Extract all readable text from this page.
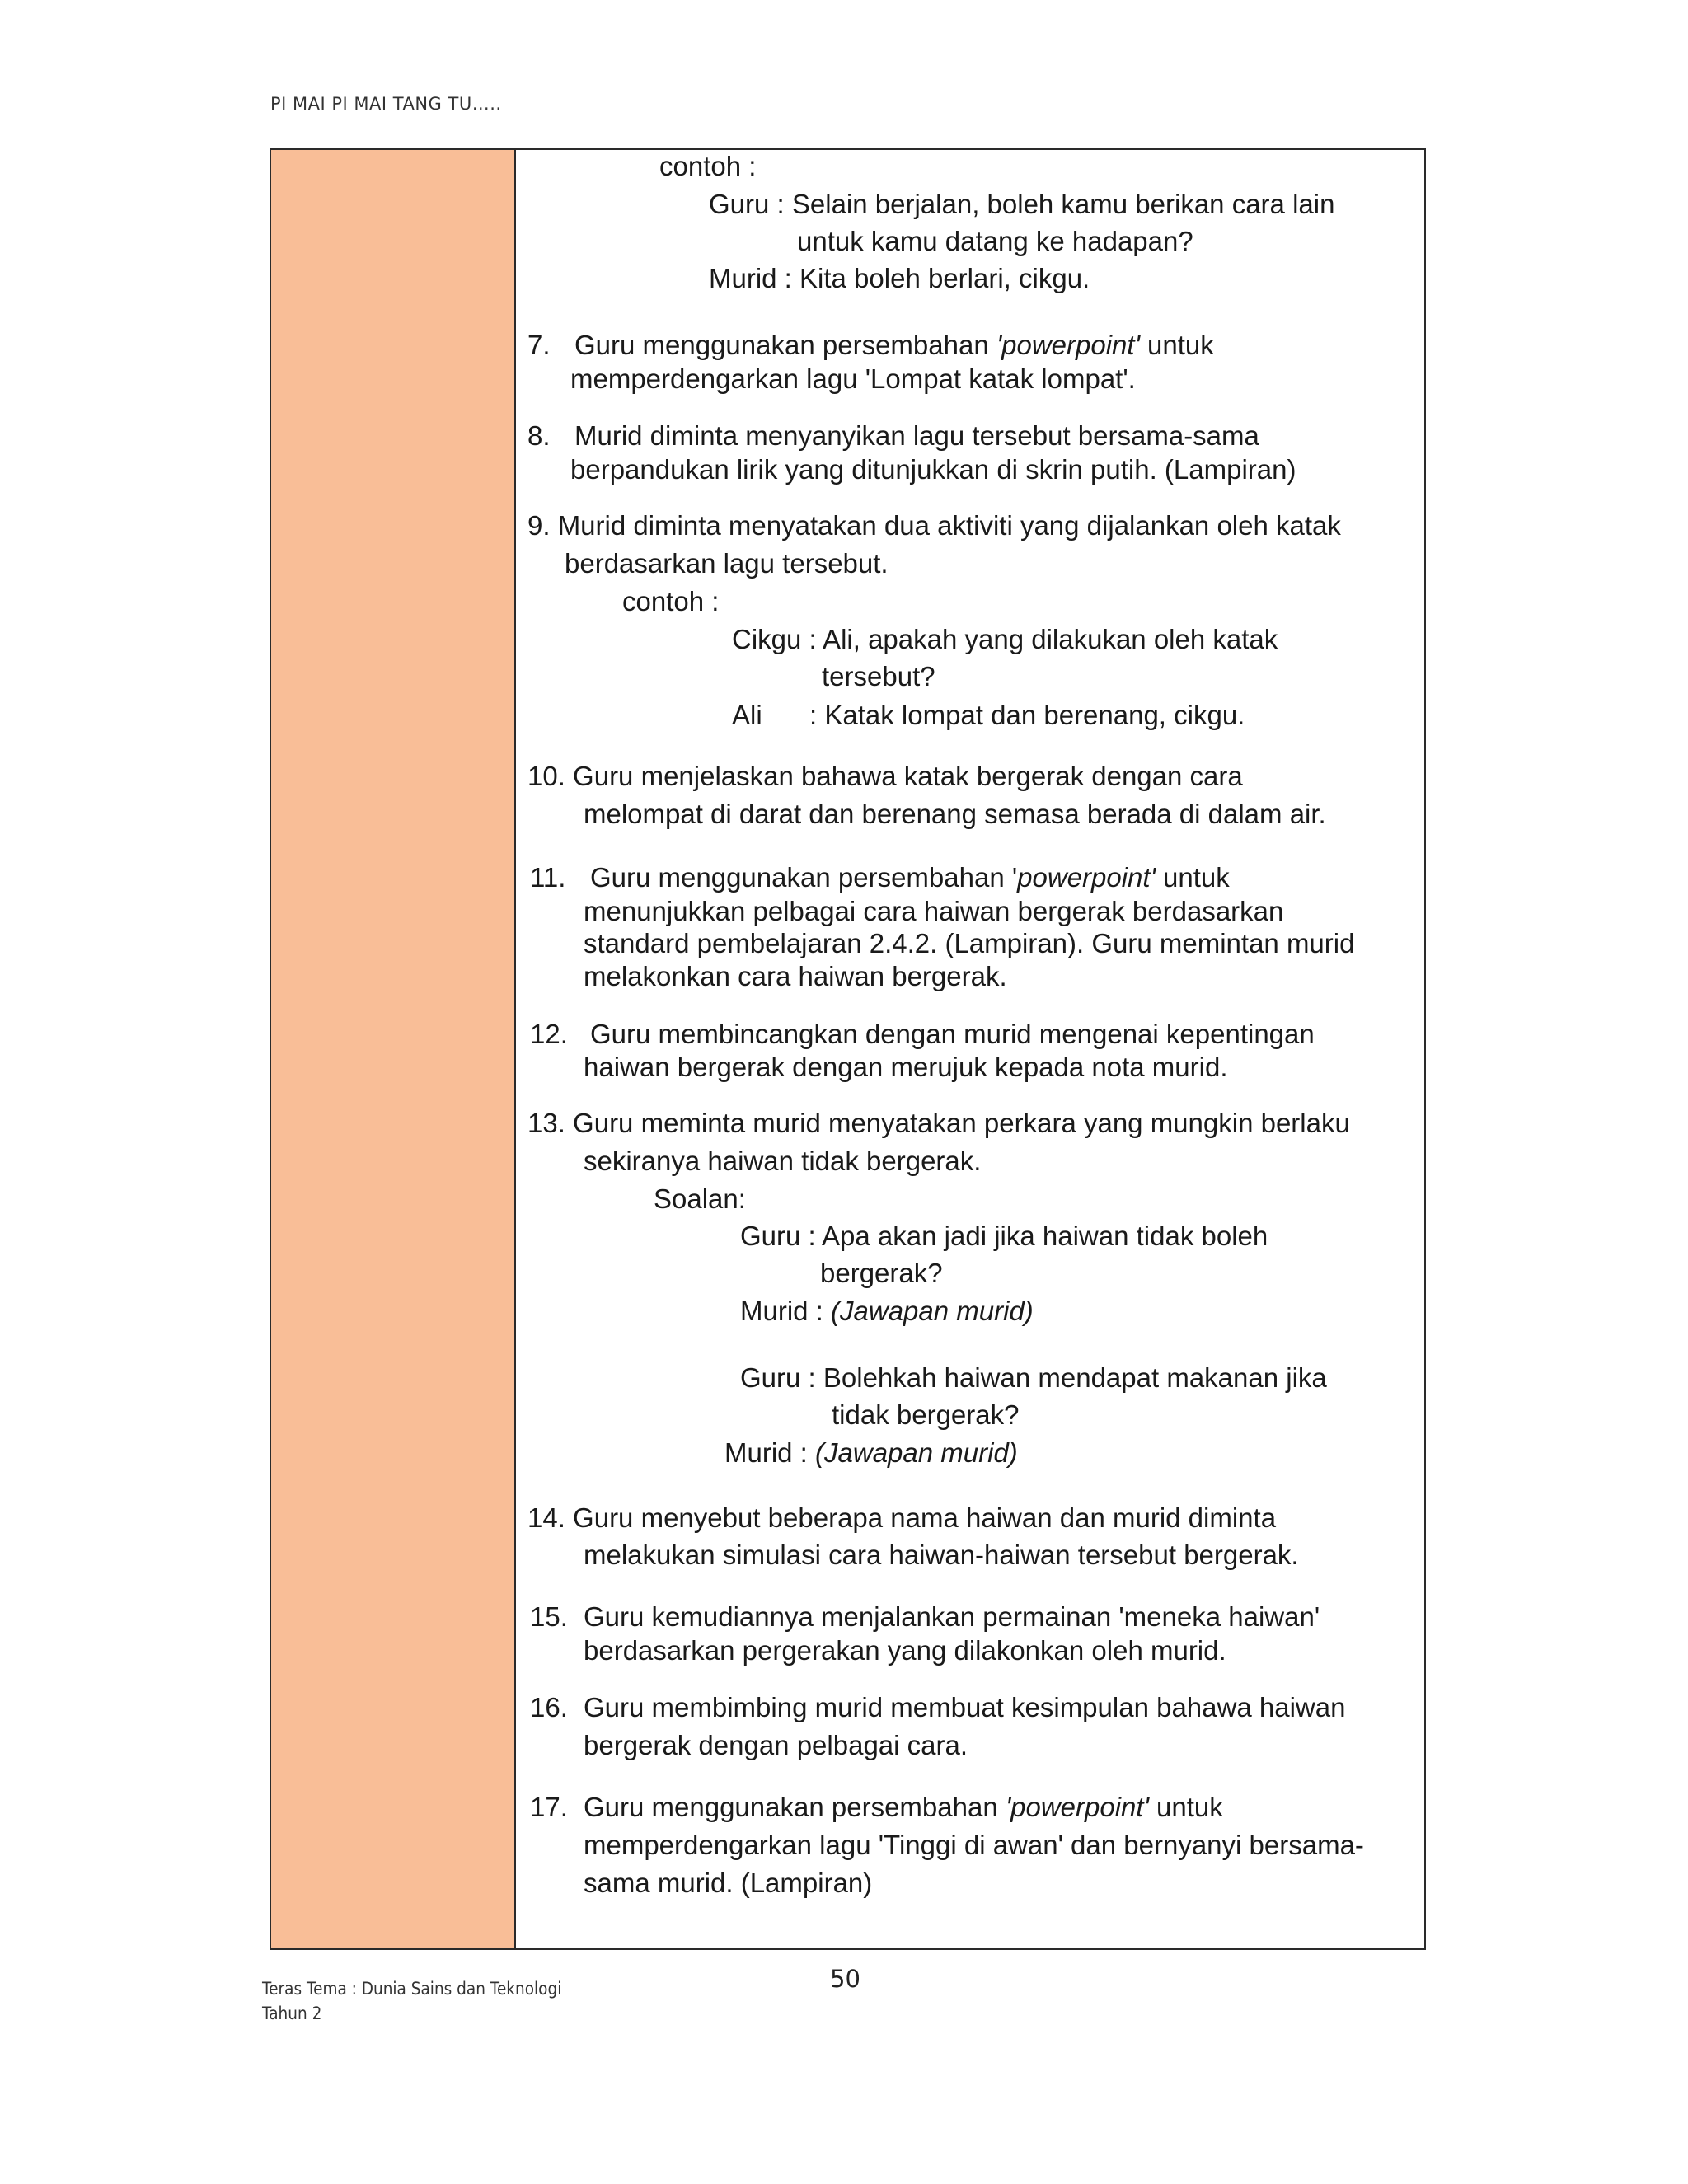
PI MAI PI MAI TANG TU…..
contoh :
Guru : Selain berjalan, boleh kamu berikan cara lain
untuk kamu datang ke hadapan?
Murid : Kita boleh berlari, cikgu.
7. Guru menggunakan persembahan 'powerpoint' untuk
memperdengarkan lagu 'Lompat katak lompat'.
8. Murid diminta menyanyikan lagu tersebut bersama-sama
berpandukan lirik yang ditunjukkan di skrin putih. (Lampiran)
9. Murid diminta menyatakan dua aktiviti yang dijalankan oleh katak
berdasarkan lagu tersebut.
contoh :
Cikgu : Ali, apakah yang dilakukan oleh katak
tersebut?
Ali : Katak lompat dan berenang, cikgu.
10. Guru menjelaskan bahawa katak bergerak dengan cara
melompat di darat dan berenang semasa berada di dalam air.
11. Guru menggunakan persembahan 'powerpoint' untuk
menunjukkan pelbagai cara haiwan bergerak berdasarkan
standard pembelajaran 2.4.2. (Lampiran). Guru memintan murid
melakonkan cara haiwan bergerak.
12. Guru membincangkan dengan murid mengenai kepentingan
haiwan bergerak dengan merujuk kepada nota murid.
13. Guru meminta murid menyatakan perkara yang mungkin berlaku
sekiranya haiwan tidak bergerak.
Soalan:
Guru : Apa akan jadi jika haiwan tidak boleh
bergerak?
Murid : (Jawapan murid)
Guru : Bolehkah haiwan mendapat makanan jika
tidak bergerak?
Murid : (Jawapan murid)
14. Guru menyebut beberapa nama haiwan dan murid diminta
melakukan simulasi cara haiwan-haiwan tersebut bergerak.
15. Guru kemudiannya menjalankan permainan 'meneka haiwan'
berdasarkan pergerakan yang dilakonkan oleh murid.
16. Guru membimbing murid membuat kesimpulan bahawa haiwan
bergerak dengan pelbagai cara.
17. Guru menggunakan persembahan 'powerpoint' untuk
memperdengarkan lagu 'Tinggi di awan' dan bernyanyi bersama-
sama murid. (Lampiran)
Teras Tema : Dunia Sains dan Teknologi
Tahun 2
50
